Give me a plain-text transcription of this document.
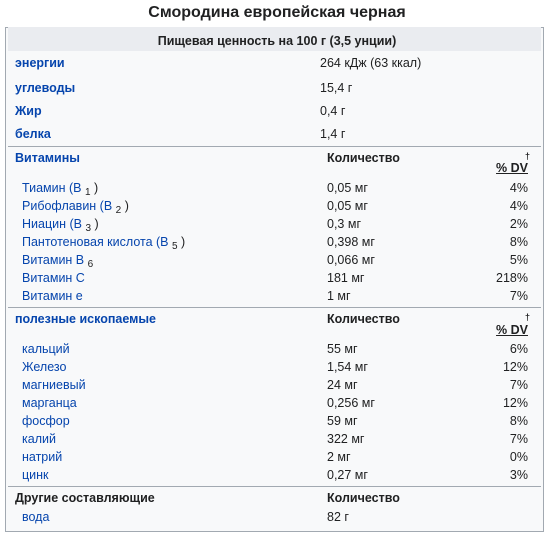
Смородина европейская черная
Пищевая ценность на 100 г (3,5 унции)
энергии	264 кДж (63 ккал)
углеводы	15,4 г
Жир	0,4 г
белка	1,4 г
Витамины	Количество	†
% DV
Тиамин (В $_1$ )	0,05 мг	4%
Рибофлавин (В $_2$ )	0,05 мг	4%
Ниацин (В $_3$ )	0,3 мг	2%
Пантотеновая кислота (В $_5$ )	0,398 мг	8%
Витамин В $_6$	0,066 мг	5%
Витамин С	181 мг	218%
Витамин е	1 мг	7%
полезные ископаемые	Количество	†
% DV
кальций	55 мг	6%
Железо	1,54 мг	12%
магниевый	24 мг	7%
марганца	0,256 мг	12%
фосфор	59 мг	8%
калий	322 мг	7%
натрий	2 мг	0%
цинк	0,27 мг	3%
Другие составляющие	Количество
вода	82 г
